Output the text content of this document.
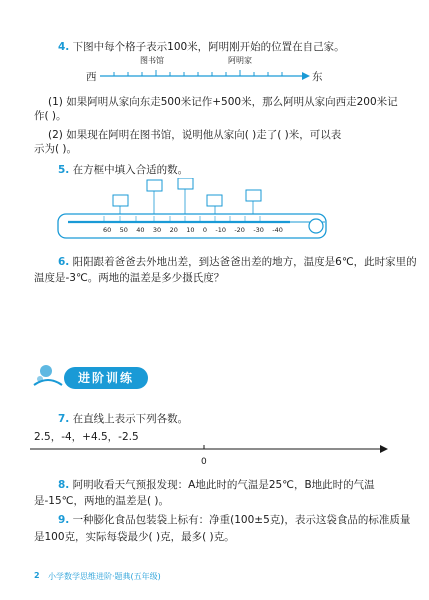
4. 下图中每个格子表示100米，阿明刚开始的位置在自己家。
图书馆	阿明家
西	东
(1) 如果阿明从家向东走500米记作+500米，那么阿明从家向西走200米记
作( )。
(2) 如果现在阿明在图书馆，说明他从家向( )走了( )米，可以表
示为( )。
5. 在方框中填入合适的数。
60 50 40 30 20 10 0 -10 -20 -30 -40
6. 阳阳跟着爸爸去外地出差，到达爸爸出差的地方，温度是6℃，此时家里的
温度是-3℃。两地的温差是多少摄氏度？
进阶训练
7. 在直线上表示下列各数。
2.5，-4，+4.5，-2.5
0
8. 阿明收看天气预报发现：A地此时的气温是25℃，B地此时的气温
是-15℃，两地的温差是( )。
9. 一种膨化食品包装袋上标有：净重(100±5克)，表示这袋食品的标准质量
是100克，实际每袋最少( )克，最多( )克。
2 小学数学思维进阶·题典(五年级)
